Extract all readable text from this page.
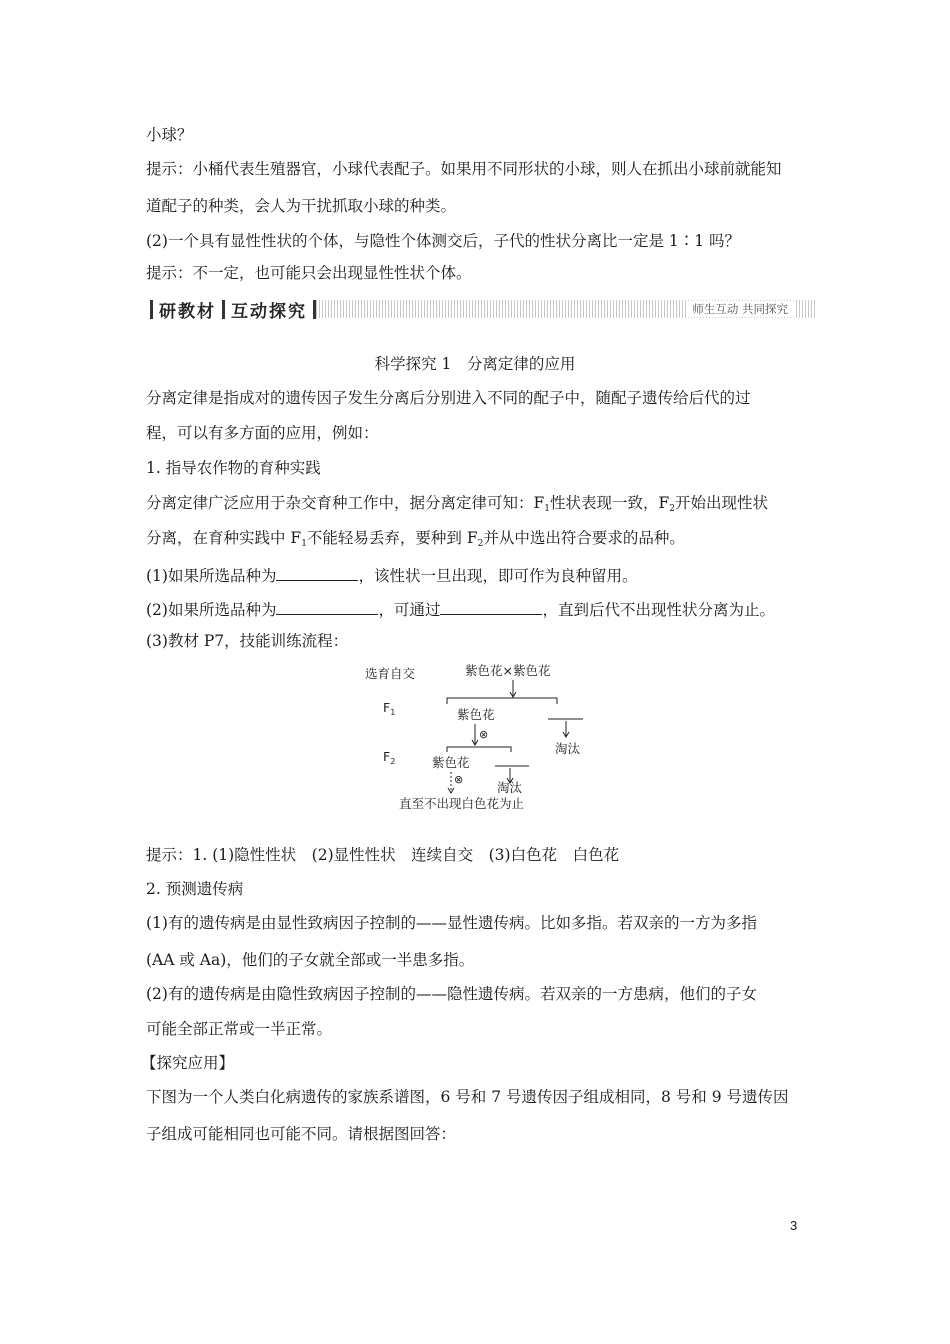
小球？
提示：小桶代表生殖器官，小球代表配子。如果用不同形状的小球，则人在抓出小球前就能知
道配子的种类，会人为干扰抓取小球的种类。
(2)一个具有显性性状的个体，与隐性个体测交后，子代的性状分离比一定是 1∶1 吗？
提示：不一定，也可能只会出现显性性状个体。
研教材 互动探究	师生互动 共同探究
科学探究 1　分离定律的应用
分离定律是指成对的遗传因子发生分离后分别进入不同的配子中，随配子遗传给后代的过
程，可以有多方面的应用，例如：
1. 指导农作物的育种实践
分离定律广泛应用于杂交育种工作中，据分离定律可知：$F_1$性状表现一致，$F_2$开始出现性状
分离，在育种实践中 $F_1$不能轻易丢弃，要种到 $F_2$并从中选出符合要求的品种。
(1)如果所选品种为	，该性状一旦出现，即可作为良种留用。
(2)如果所选品种为	，可通过	，直到后代不出现性状分离为止。
(3)教材 P7，技能训练流程：
选育自交	紫色花×紫色花
$F_1$	紫色花
⊗
淘汰
$F_2$	紫色花
⊗
淘汰
直至不出现白色花为止
提示：1. (1)隐性性状　(2)显性性状　连续自交　(3)白色花　白色花
2. 预测遗传病
(1)有的遗传病是由显性致病因子控制的——显性遗传病。比如多指。若双亲的一方为多指
(AA 或 Aa)，他们的子女就全部或一半患多指。
(2)有的遗传病是由隐性致病因子控制的——隐性遗传病。若双亲的一方患病，他们的子女
可能全部正常或一半正常。
【探究应用】
下图为一个人类白化病遗传的家族系谱图，6 号和 7 号遗传因子组成相同，8 号和 9 号遗传因
子组成可能相同也可能不同。请根据图回答：
3
